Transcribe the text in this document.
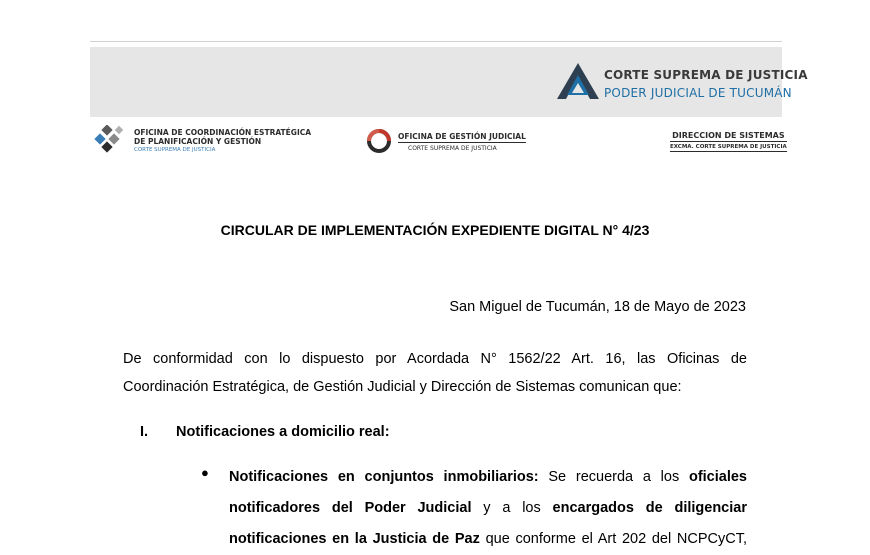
CORTE SUPREMA DE JUSTICIA
PODER JUDICIAL DE TUCUMÁN
OFICINA DE COORDINACIÓN ESTRATÉGICA
DE PLANIFICACIÓN Y GESTIÓN
CORTE SUPREMA DE JUSTICIA
OFICINA DE GESTIÓN JUDICIAL
CORTE SUPREMA DE JUSTICIA
DIRECCION DE SISTEMAS
EXCMA. CORTE SUPREMA DE JUSTICIA
CIRCULAR DE IMPLEMENTACIÓN EXPEDIENTE DIGITAL N° 4/23
San Miguel de Tucumán, 18 de Mayo de 2023
De conformidad con lo dispuesto por Acordada N° 1562/22 Art. 16, las Oficinas de
Coordinación Estratégica, de Gestión Judicial y Dirección de Sistemas comunican que:
I. Notificaciones a domicilio real:
● Notificaciones en conjuntos inmobiliarios: Se recuerda a los oficiales
notificadores del Poder Judicial y a los encargados de diligenciar
notificaciones en la Justicia de Paz que conforme el Art 202 del NCPCyCT,
